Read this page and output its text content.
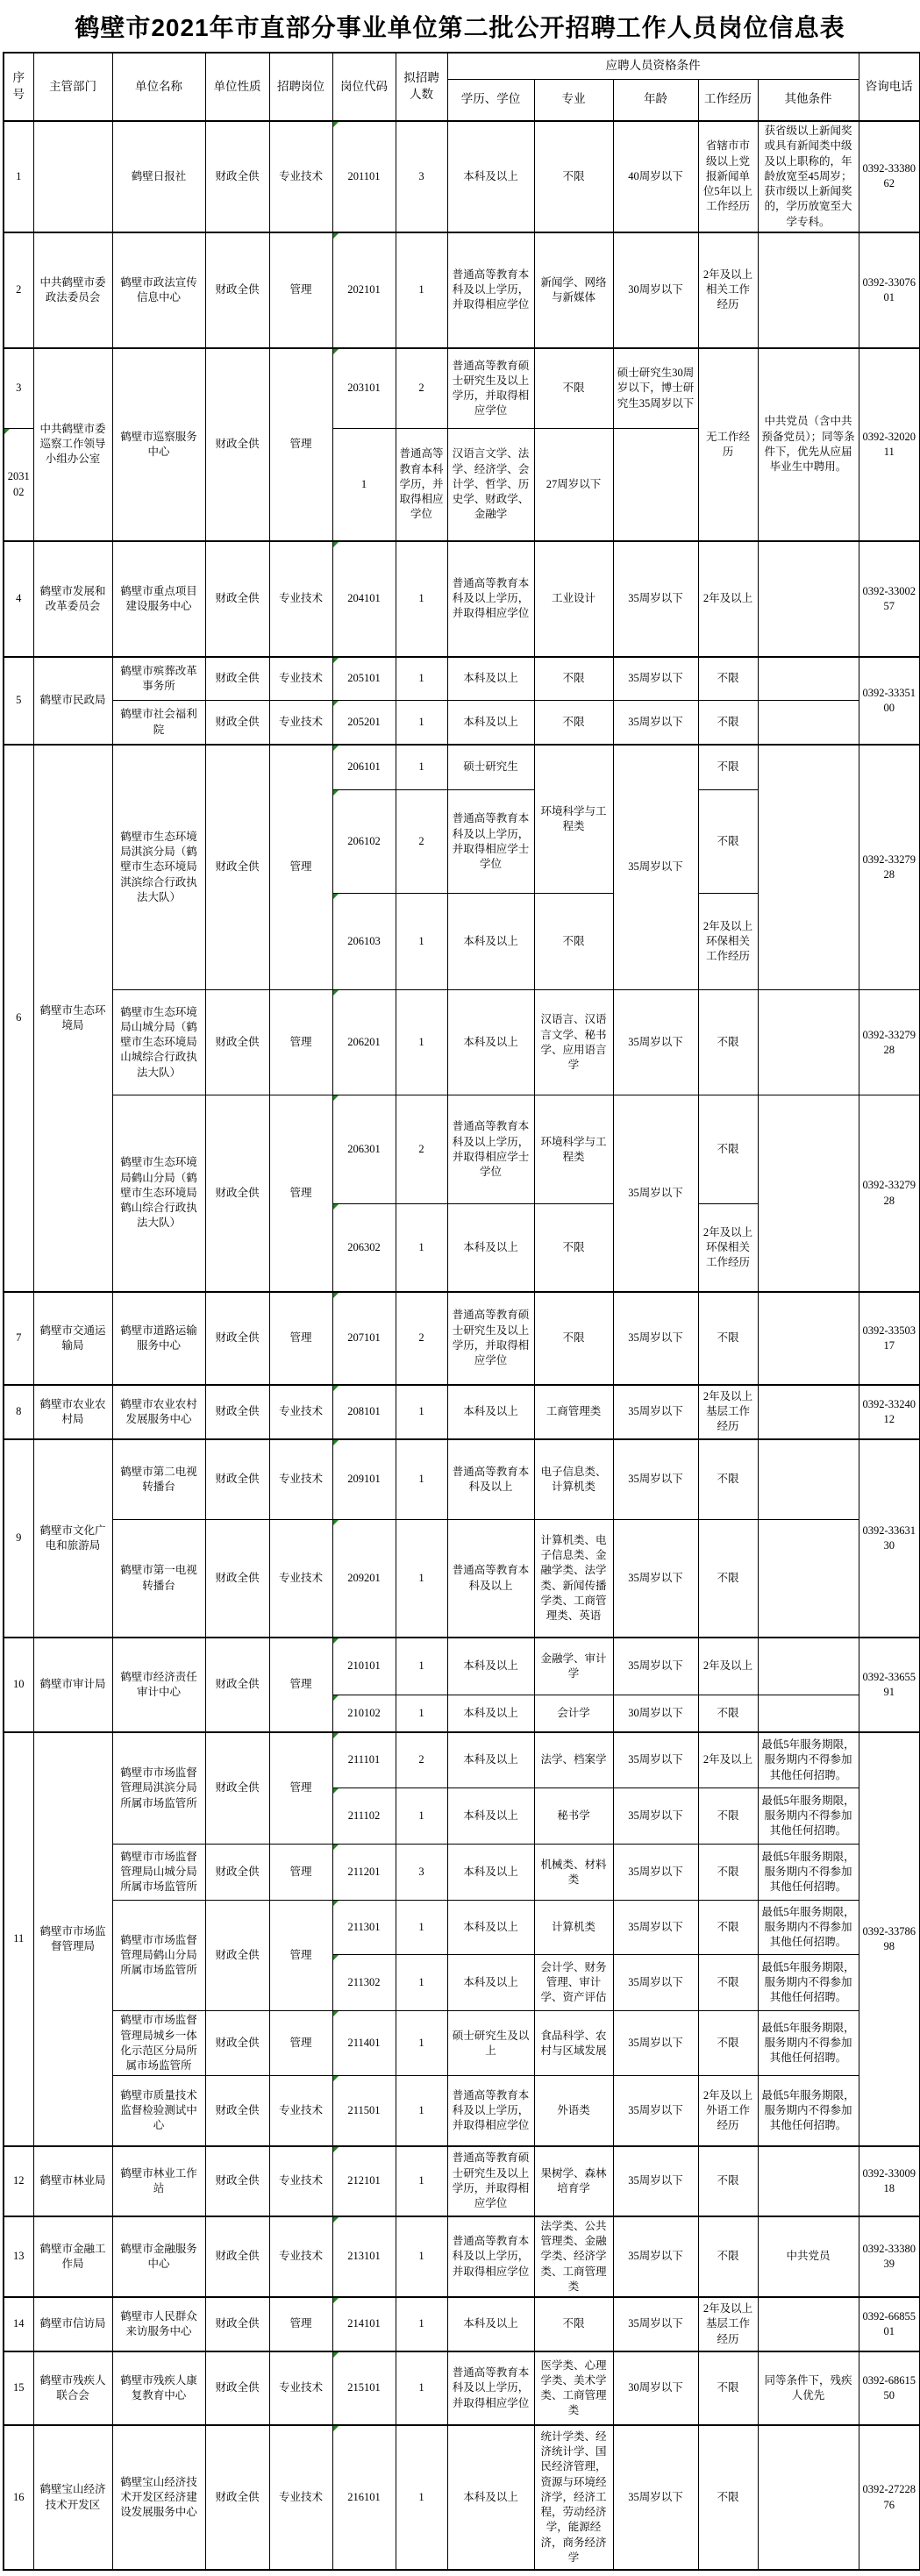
鹤壁市2021年市直部分事业单位第二批公开招聘工作人员岗位信息表
序号	主管部门	单位名称	单位性质	招聘岗位	岗位代码	拟招聘人数	应聘人员资格条件					咨询电话
							学历、学位	专业	年龄	工作经历	其他条件	
1		鹤壁日报社	财政全供	专业技术	201101	3	本科及以上	不限	40周岁以下	省辖市市级以上党报新闻单位5年以上工作经历	获省级以上新闻奖或具有新闻类中级及以上职称的，年龄放宽至45周岁；获市级以上新闻奖的，学历放宽至大学专科。	0392-3338062
2	中共鹤壁市委政法委员会	鹤壁市政法宣传信息中心	财政全供	管理	202101	1	普通高等教育本科及以上学历，并取得相应学位	新闻学、网络与新媒体	30周岁以下	2年及以上相关工作经历		0392-3307601
3	中共鹤壁市委巡察工作领导小组办公室	鹤壁市巡察服务中心	财政全供	管理	203101	2	普通高等教育硕士研究生及以上学历，并取得相应学位	不限	硕士研究生30周岁以下，博士研究生35周岁以下	无工作经历	中共党员（含中共预备党员）；同等条件下，优先从应届毕业生中聘用。	0392-3202011
203102					1	普通高等教育本科学历，并取得相应学位	汉语言文学、法学、经济学、会计学、哲学、历史学、财政学、金融学	27周岁以下				
4	鹤壁市发展和改革委员会	鹤壁市重点项目建设服务中心	财政全供	专业技术	204101	1	普通高等教育本科及以上学历，并取得相应学位	工业设计	35周岁以下	2年及以上		0392-3300257
5	鹤壁市民政局	鹤壁市殡葬改革事务所	财政全供	专业技术	205101	1	本科及以上	不限	35周岁以下	不限		0392-3335100
		鹤壁市社会福利院	财政全供	专业技术	205201	1	本科及以上	不限	35周岁以下	不限		
6	鹤壁市生态环境局	鹤壁市生态环境局淇滨分局（鹤壁市生态环境局淇滨综合行政执法大队）	财政全供	管理	206101	1	硕士研究生	环境科学与工程类	35周岁以下	不限		0392-3327928
					206102	2	普通高等教育本科及以上学历，并取得相应学士学位			不限		
					206103	1	本科及以上	不限		2年及以上环保相关工作经历		
		鹤壁市生态环境局山城分局（鹤壁市生态环境局山城综合行政执法大队）	财政全供	管理	206201	1	本科及以上	汉语言、汉语言文学、秘书学、应用语言学	35周岁以下	不限		0392-3327928
		鹤壁市生态环境局鹤山分局（鹤壁市生态环境局鹤山综合行政执法大队）	财政全供	管理	206301	2	普通高等教育本科及以上学历，并取得相应学士学位	环境科学与工程类	35周岁以下	不限		0392-3327928
					206302	1	本科及以上	不限		2年及以上环保相关工作经历		
7	鹤壁市交通运输局	鹤壁市道路运输服务中心	财政全供	管理	207101	2	普通高等教育硕士研究生及以上学历，并取得相应学位	不限	35周岁以下	不限		0392-3350317
8	鹤壁市农业农村局	鹤壁市农业农村发展服务中心	财政全供	专业技术	208101	1	本科及以上	工商管理类	35周岁以下	2年及以上基层工作经历		0392-3324012
9	鹤壁市文化广电和旅游局	鹤壁市第二电视转播台	财政全供	专业技术	209101	1	普通高等教育本科及以上	电子信息类、计算机类	35周岁以下	不限		0392-3363130
		鹤壁市第一电视转播台	财政全供	专业技术	209201	1	普通高等教育本科及以上	计算机类、电子信息类、金融学类、法学类、新闻传播学类、工商管理类、英语	35周岁以下	不限		
10	鹤壁市审计局	鹤壁市经济责任审计中心	财政全供	管理	210101	1	本科及以上	金融学、审计学	35周岁以下	2年及以上		0392-3365591
					210102	1	本科及以上	会计学	30周岁以下	不限		
11	鹤壁市市场监督管理局	鹤壁市市场监督管理局淇滨分局所属市场监管所	财政全供	管理	211101	2	本科及以上	法学、档案学	35周岁以下	2年及以上	最低5年服务期限，服务期内不得参加其他任何招聘。	0392-3378698
					211102	1	本科及以上	秘书学	35周岁以下	不限	最低5年服务期限，服务期内不得参加其他任何招聘。	
		鹤壁市市场监督管理局山城分局所属市场监管所	财政全供	管理	211201	3	本科及以上	机械类、材料类	35周岁以下	不限	最低5年服务期限，服务期内不得参加其他任何招聘。	
		鹤壁市市场监督管理局鹤山分局所属市场监管所	财政全供	管理	211301	1	本科及以上	计算机类	35周岁以下	不限	最低5年服务期限，服务期内不得参加其他任何招聘。	
					211302	1	本科及以上	会计学、财务管理、审计学、资产评估	35周岁以下	不限	最低5年服务期限，服务期内不得参加其他任何招聘。	
		鹤壁市市场监督管理局城乡一体化示范区分局所属市场监管所	财政全供	管理	211401	1	硕士研究生及以上	食品科学、农村与区域发展	35周岁以下	不限	最低5年服务期限，服务期内不得参加其他任何招聘。	
		鹤壁市质量技术监督检验测试中心	财政全供	专业技术	211501	1	普通高等教育本科及以上学历，并取得相应学位	外语类	35周岁以下	2年及以上外语工作经历	最低5年服务期限，服务期内不得参加其他任何招聘。	
12	鹤壁市林业局	鹤壁市林业工作站	财政全供	专业技术	212101	1	普通高等教育硕士研究生及以上学历，并取得相应学位	果树学、森林培育学	35周岁以下	不限		0392-3300918
13	鹤壁市金融工作局	鹤壁市金融服务中心	财政全供	专业技术	213101	1	普通高等教育本科及以上学历，并取得相应学位	法学类、公共管理类、金融学类、经济学类、工商管理类	35周岁以下	不限	中共党员	0392-3338039
14	鹤壁市信访局	鹤壁市人民群众来访服务中心	财政全供	管理	214101	1	本科及以上	不限	35周岁以下	2年及以上基层工作经历		0392-6685501
15	鹤壁市残疾人联合会	鹤壁市残疾人康复教育中心	财政全供	专业技术	215101	1	普通高等教育本科及以上学历，并取得相应学位	医学类、心理学类、美术学类、工商管理类	30周岁以下	不限	同等条件下，残疾人优先	0392-6861550
16	鹤壁宝山经济技术开发区	鹤壁宝山经济技术开发区经济建设发展服务中心	财政全供	专业技术	216101	1	本科及以上	统计学类、经济统计学、国民经济管理，资源与环境经济学，经济工程，劳动经济学，能源经济，商务经济学	35周岁以下	不限		0392-2722876
